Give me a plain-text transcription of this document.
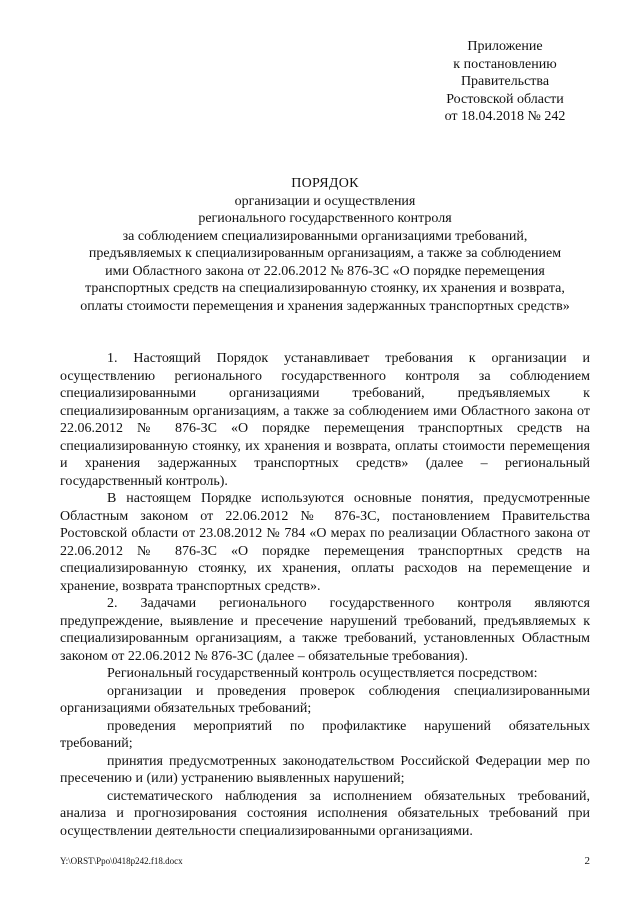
Приложение
к постановлению
Правительства
Ростовской области
от 18.04.2018 № 242
ПОРЯДОК
организации и осуществления
регионального государственного контроля
за соблюдением специализированными организациями требований,
предъявляемых к специализированным организациям, а также за соблюдением
ими Областного закона от 22.06.2012 № 876-ЗС «О порядке перемещения
транспортных средств на специализированную стоянку, их хранения и возврата,
оплаты стоимости перемещения и хранения задержанных транспортных средств»

1. Настоящий Порядок устанавливает требования к организации и осуществлению регионального государственного контроля за соблюдением специализированными организациями требований, предъявляемых к специализированным организациям, а также за соблюдением ими Областного закона от 22.06.2012 № 876-ЗС «О порядке перемещения транспортных средств на специализированную стоянку, их хранения и возврата, оплаты стоимости перемещения и хранения задержанных транспортных средств» (далее – региональный государственный контроль).

В настоящем Порядке используются основные понятия, предусмотренные Областным законом от 22.06.2012 № 876-ЗС, постановлением Правительства Ростовской области от 23.08.2012 № 784 «О мерах по реализации Областного закона от 22.06.2012 № 876-ЗС «О порядке перемещения транспортных средств на специализированную стоянку, их хранения, оплаты расходов на перемещение и хранение, возврата транспортных средств».

2. Задачами регионального государственного контроля являются предупреждение, выявление и пресечение нарушений требований, предъявляемых к специализированным организациям, а также требований, установленных Областным законом от 22.06.2012 № 876-ЗС (далее – обязательные требования).

Региональный государственный контроль осуществляется посредством:

организации и проведения проверок соблюдения специализированными организациями обязательных требований;

проведения мероприятий по профилактике нарушений обязательных требований;

принятия предусмотренных законодательством Российской Федерации мер по пресечению и (или) устранению выявленных нарушений;

систематического наблюдения за исполнением обязательных требований, анализа и прогнозирования состояния исполнения обязательных требований при осуществлении деятельности специализированными организациями.

Y:\ORST\Ppo\0418p242.f18.docx	2
